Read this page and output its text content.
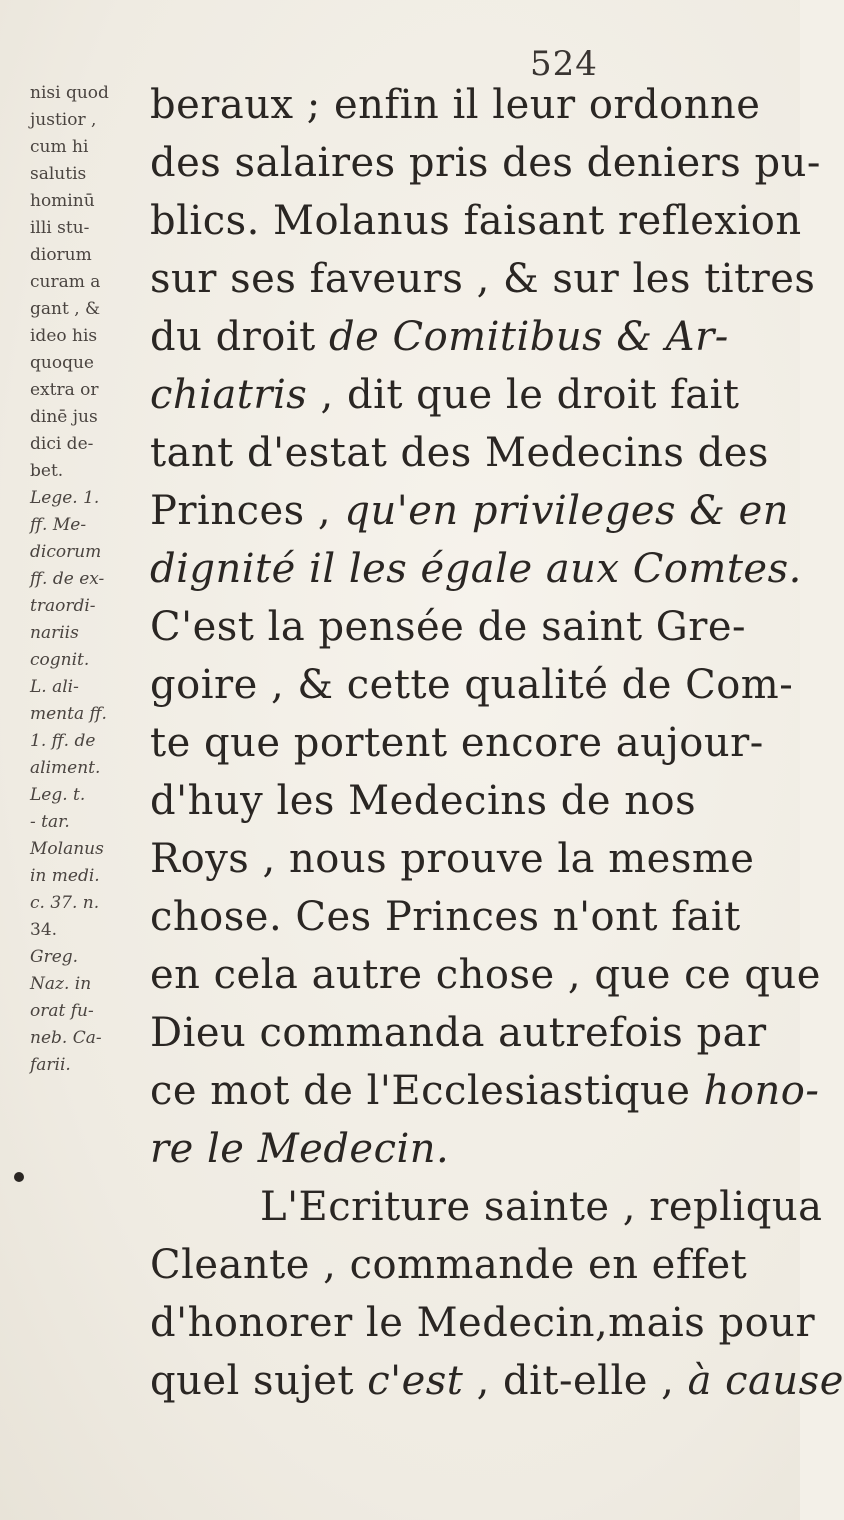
524
nisi quod
justior ,
cum hi
salutis
hominū
illi stu-
diorum
curam a
gant , &
ideo his
quoque
extra or
dinē jus
dici de-
bet.
Lege. 1.
ff. Me-
dicorum
ff. de ex-
traordi-
nariis
cognit.
L. ali-
menta ff.
1. ff. de
aliment.
Leg. t.
- tar.
Molanus
in medi.
c. 37. n.
34.
Greg.
Naz. in
orat fu-
neb. Ca-
farii.
beraux ; enfin il leur ordonne
des salaires pris des deniers pu-
blics. Molanus faisant reflexion
sur ses faveurs , & sur les titres
du droit de Comitibus & Ar-
chiatris , dit que le droit fait
tant d'estat des Medecins des
Princes , qu'en privileges & en
dignité il les égale aux Comtes.
C'est la pensée de saint Gre-
goire , & cette qualité de Com-
te que portent encore aujour-
d'huy les Medecins de nos
Roys , nous prouve la mesme
chose. Ces Princes n'ont fait
en cela autre chose , que ce que
Dieu commanda autrefois par
ce mot de l'Ecclesiastique hono-
re le Medecin.
L'Ecriture sainte , repliqua
Cleante , commande en effet
d'honorer le Medecin,mais pour
quel sujet c'est , dit-elle , à cause
